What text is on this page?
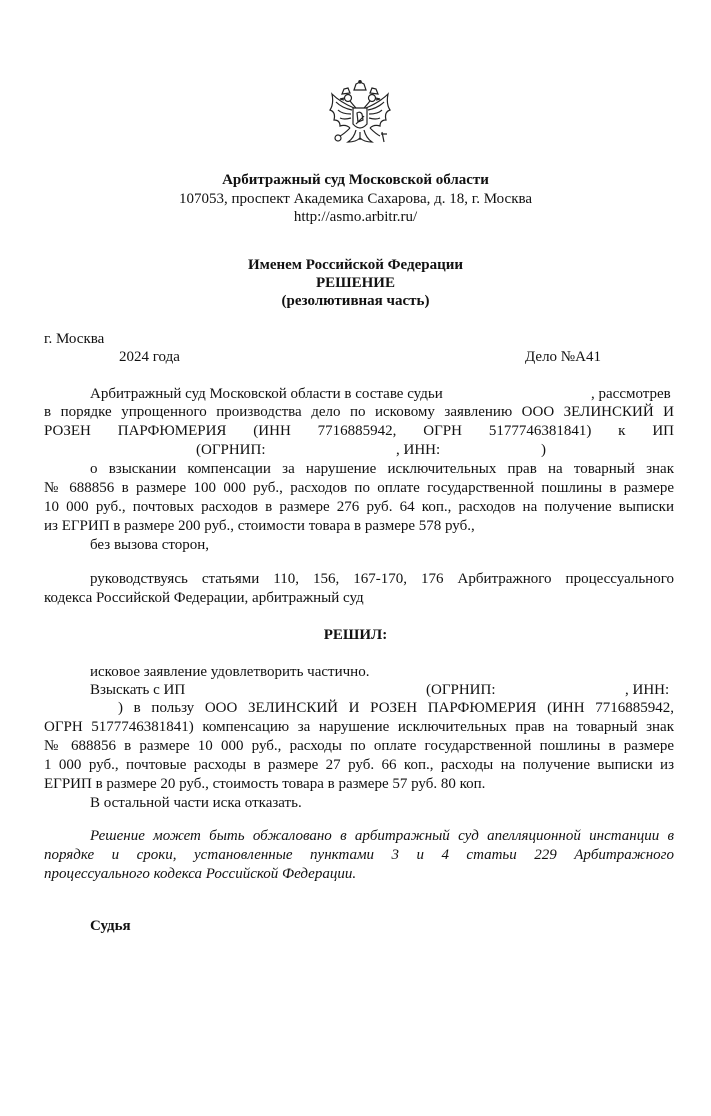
Арбитражный суд Московской области
107053, проспект Академика Сахарова, д. 18, г. Москва
http://asmo.arbitr.ru/
Именем Российской Федерации
РЕШЕНИЕ
(резолютивная часть)
г. Москва
2024 года	Дело №А41
Арбитражный суд Московской области в составе судьи	, рассмотрев
в порядке упрощенного производства дело по исковому заявлению ООО ЗЕЛИНСКИЙ И
РОЗЕН ПАРФЮМЕРИЯ (ИНН 7716885942, ОГРН 5177746381841) к ИП
(ОГРНИП:	, ИНН:	)
о взыскании компенсации за нарушение исключительных прав на товарный знак
№ 688856 в размере 100 000 руб., расходов по оплате государственной пошлины в размере
10 000 руб., почтовых расходов в размере 276 руб. 64 коп., расходов на получение выписки
из ЕГРИП в размере 200 руб., стоимости товара в размере 578 руб.,
без вызова сторон,
руководствуясь статьями 110, 156, 167-170, 176 Арбитражного процессуального
кодекса Российской Федерации, арбитражный суд
РЕШИЛ:
исковое заявление удовлетворить частично.
Взыскать с ИП	(ОГРНИП:	, ИНН:
) в пользу ООО ЗЕЛИНСКИЙ И РОЗЕН ПАРФЮМЕРИЯ (ИНН 7716885942,
ОГРН 5177746381841) компенсацию за нарушение исключительных прав на товарный знак
№ 688856 в размере 10 000 руб., расходы по оплате государственной пошлины в размере
1 000 руб., почтовые расходы в размере 27 руб. 66 коп., расходы на получение выписки из
ЕГРИП в размере 20 руб., стоимость товара в размере 57 руб. 80 коп.
В остальной части иска отказать.
Решение может быть обжаловано в арбитражный суд апелляционной инстанции в
порядке и сроки, установленные пунктами 3 и 4 статьи 229 Арбитражного
процессуального кодекса Российской Федерации.
Судья
